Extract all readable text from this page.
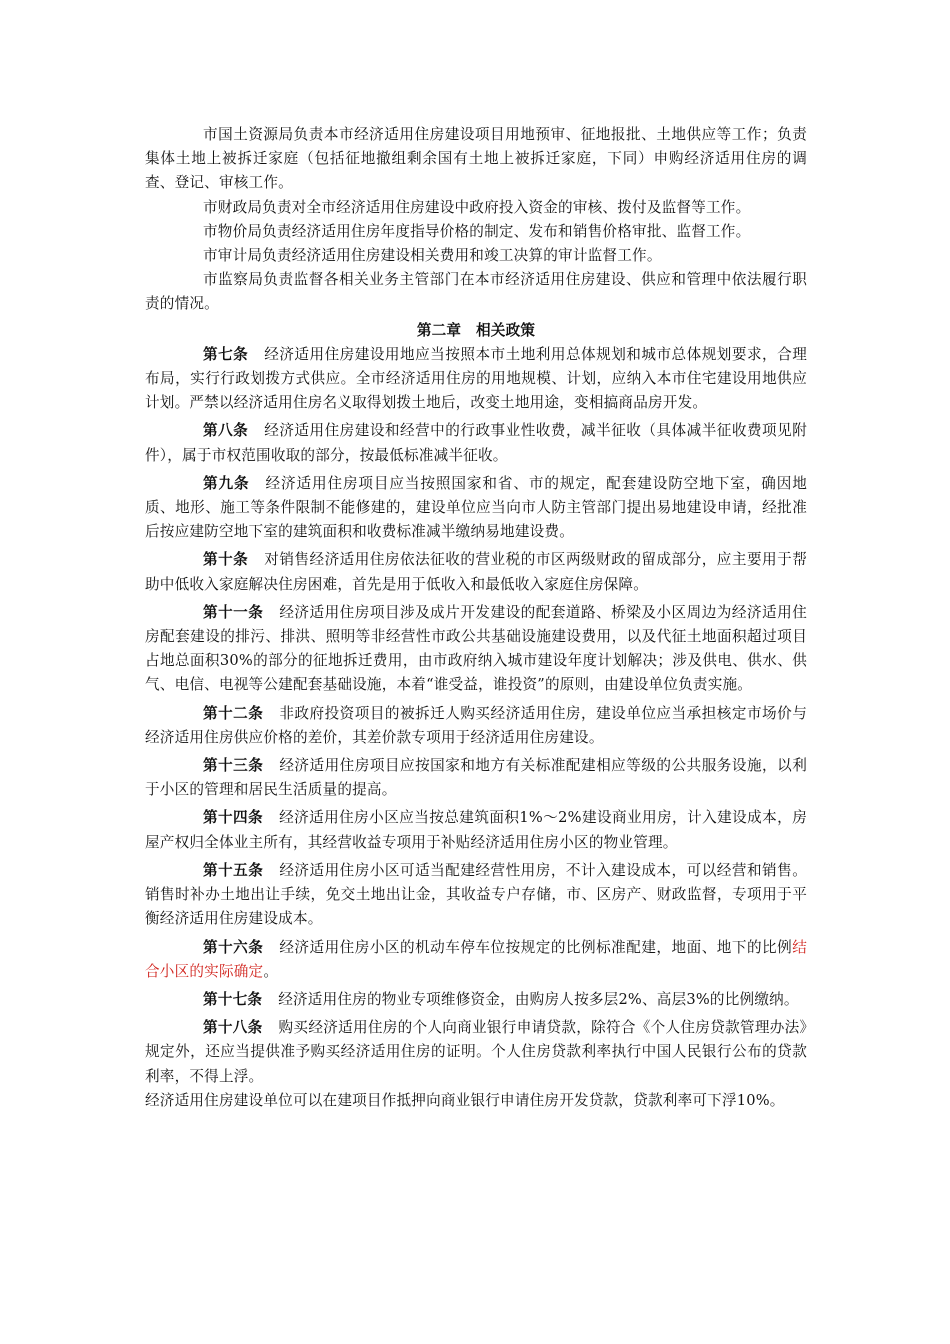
市国土资源局负责本市经济适用住房建设项目用地预审、征地报批、土地供应等工作；负责集体土地上被拆迁家庭（包括征地撤组剩余国有土地上被拆迁家庭，下同）申购经济适用住房的调查、登记、审核工作。

市财政局负责对全市经济适用住房建设中政府投入资金的审核、拨付及监督等工作。

市物价局负责经济适用住房年度指导价格的制定、发布和销售价格审批、监督工作。

市审计局负责经济适用住房建设相关费用和竣工决算的审计监督工作。

市监察局负责监督各相关业务主管部门在本市经济适用住房建设、供应和管理中依法履行职责的情况。

第二章　相关政策

第七条 经济适用住房建设用地应当按照本市土地利用总体规划和城市总体规划要求，合理布局，实行行政划拨方式供应。全市经济适用住房的用地规模、计划，应纳入本市住宅建设用地供应计划。严禁以经济适用住房名义取得划拨土地后，改变土地用途，变相搞商品房开发。

第八条 经济适用住房建设和经营中的行政事业性收费，减半征收（具体减半征收费项见附件），属于市权范围收取的部分，按最低标准减半征收。

第九条 经济适用住房项目应当按照国家和省、市的规定，配套建设防空地下室，确因地质、地形、施工等条件限制不能修建的，建设单位应当向市人防主管部门提出易地建设申请，经批准后按应建防空地下室的建筑面积和收费标准减半缴纳易地建设费。

第十条 对销售经济适用住房依法征收的营业税的市区两级财政的留成部分，应主要用于帮助中低收入家庭解决住房困难，首先是用于低收入和最低收入家庭住房保障。

第十一条 经济适用住房项目涉及成片开发建设的配套道路、桥梁及小区周边为经济适用住房配套建设的排污、排洪、照明等非经营性市政公共基础设施建设费用，以及代征土地面积超过项目占地总面积30%的部分的征地拆迁费用，由市政府纳入城市建设年度计划解决；涉及供电、供水、供气、电信、电视等公建配套基础设施，本着“谁受益，谁投资”的原则，由建设单位负责实施。

第十二条 非政府投资项目的被拆迁人购买经济适用住房，建设单位应当承担核定市场价与经济适用住房供应价格的差价，其差价款专项用于经济适用住房建设。

第十三条 经济适用住房项目应按国家和地方有关标准配建相应等级的公共服务设施，以利于小区的管理和居民生活质量的提高。

第十四条 经济适用住房小区应当按总建筑面积1%～2%建设商业用房，计入建设成本，房屋产权归全体业主所有，其经营收益专项用于补贴经济适用住房小区的物业管理。

第十五条 经济适用住房小区可适当配建经营性用房，不计入建设成本，可以经营和销售。销售时补办土地出让手续，免交土地出让金，其收益专户存储，市、区房产、财政监督，专项用于平衡经济适用住房建设成本。

第十六条 经济适用住房小区的机动车停车位按规定的比例标准配建，地面、地下的比例结合小区的实际确定。

第十七条 经济适用住房的物业专项维修资金，由购房人按多层2%、高层3%的比例缴纳。

第十八条 购买经济适用住房的个人向商业银行申请贷款，除符合《个人住房贷款管理办法》规定外，还应当提供准予购买经济适用住房的证明。个人住房贷款利率执行中国人民银行公布的贷款利率，不得上浮。

经济适用住房建设单位可以在建项目作抵押向商业银行申请住房开发贷款，贷款利率可下浮10%。
